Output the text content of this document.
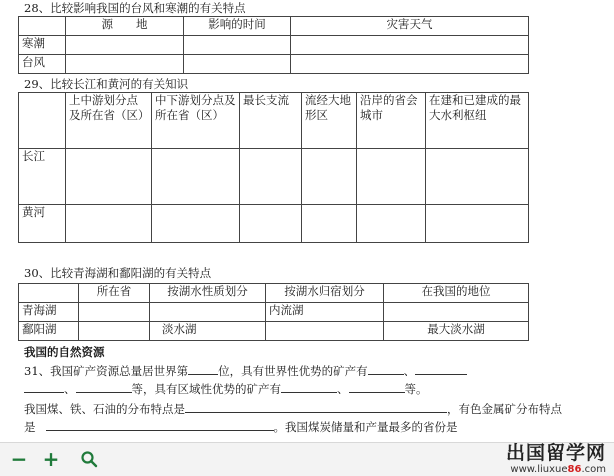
28、比较影响我国的台风和寒潮的有关特点
	源　　地	影响的时间	灾害天气
寒潮			
台风			
29、比较长江和黄河的有关知识
	上中游划分点及所在省（区）	中下游划分点及所在省（区）	最长支流	流经大地形区	沿岸的省会城市	在建和已建成的最大水利枢纽
长江						
黄河						
30、比较青海湖和鄱阳湖的有关特点
	所在省	按湖水性质划分	按湖水归宿划分	在我国的地位
青海湖			内流湖	
鄱阳湖		淡水湖		最大淡水湖
我国的自然资源
31、我国矿产资源总量居世界第	位，具有世界性优势的矿产有	、
、	等，具有区域性优势的矿产有	、	等。
我国煤、铁、石油的分布特点是	，有色金属矿分布特点
是	。我国煤炭储量和产量最多的省份是
− +	出国留学网
www.liuxue86.com
